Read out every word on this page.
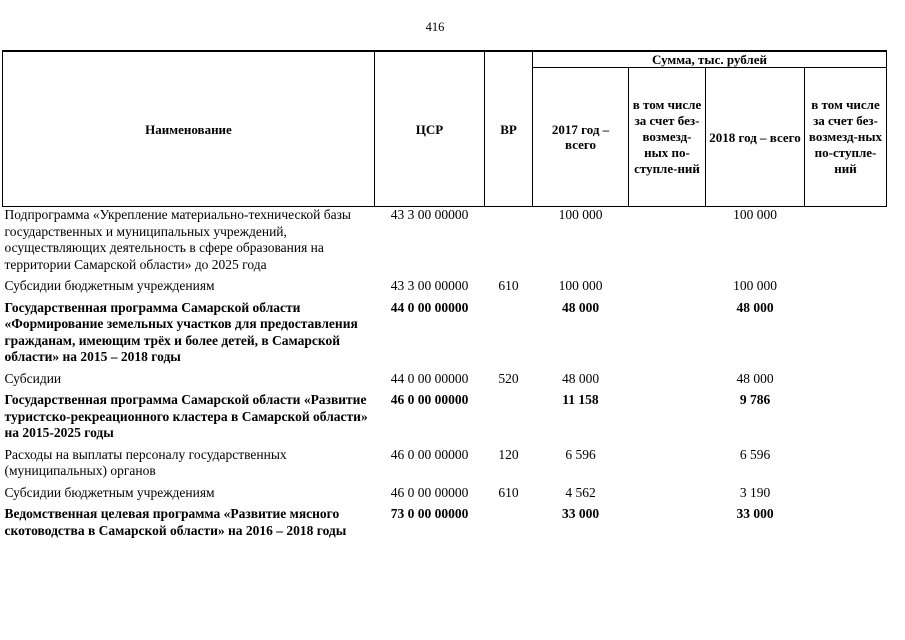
416
Наименование	ЦСР	ВР	Сумма, тыс. рублей			
			2017 год – всего	в том числе за счет без-возмезд-ных по-ступле-ний	2018 год – всего	в том числе за счет без-возмезд-ных по-ступле-ний
Подпрограмма «Укрепление материально-технической базы государственных и муниципальных учреждений, осуществляющих деятельность в сфере образования на территории Самарской области» до 2025 года	43 3 00 00000		100 000		100 000	
Субсидии бюджетным учреждениям	43 3 00 00000	610	100 000		100 000	
Государственная программа Самарской области «Формирование земельных участков для предоставления гражданам, имеющим трёх и более детей, в Самарской области» на 2015 – 2018 годы	44 0 00 00000		48 000		48 000	
Субсидии	44 0 00 00000	520	48 000		48 000	
Государственная программа Самарской области «Развитие туристско-рекреационного кластера в Самарской области» на 2015-2025 годы	46 0 00 00000		11 158		9 786	
Расходы на выплаты персоналу государственных (муниципальных) органов	46 0 00 00000	120	6 596		6 596	
Субсидии бюджетным учреждениям	46 0 00 00000	610	4 562		3 190	
Ведомственная целевая программа «Развитие мясного скотоводства в Самарской области» на 2016 – 2018 годы	73 0 00 00000		33 000		33 000	
